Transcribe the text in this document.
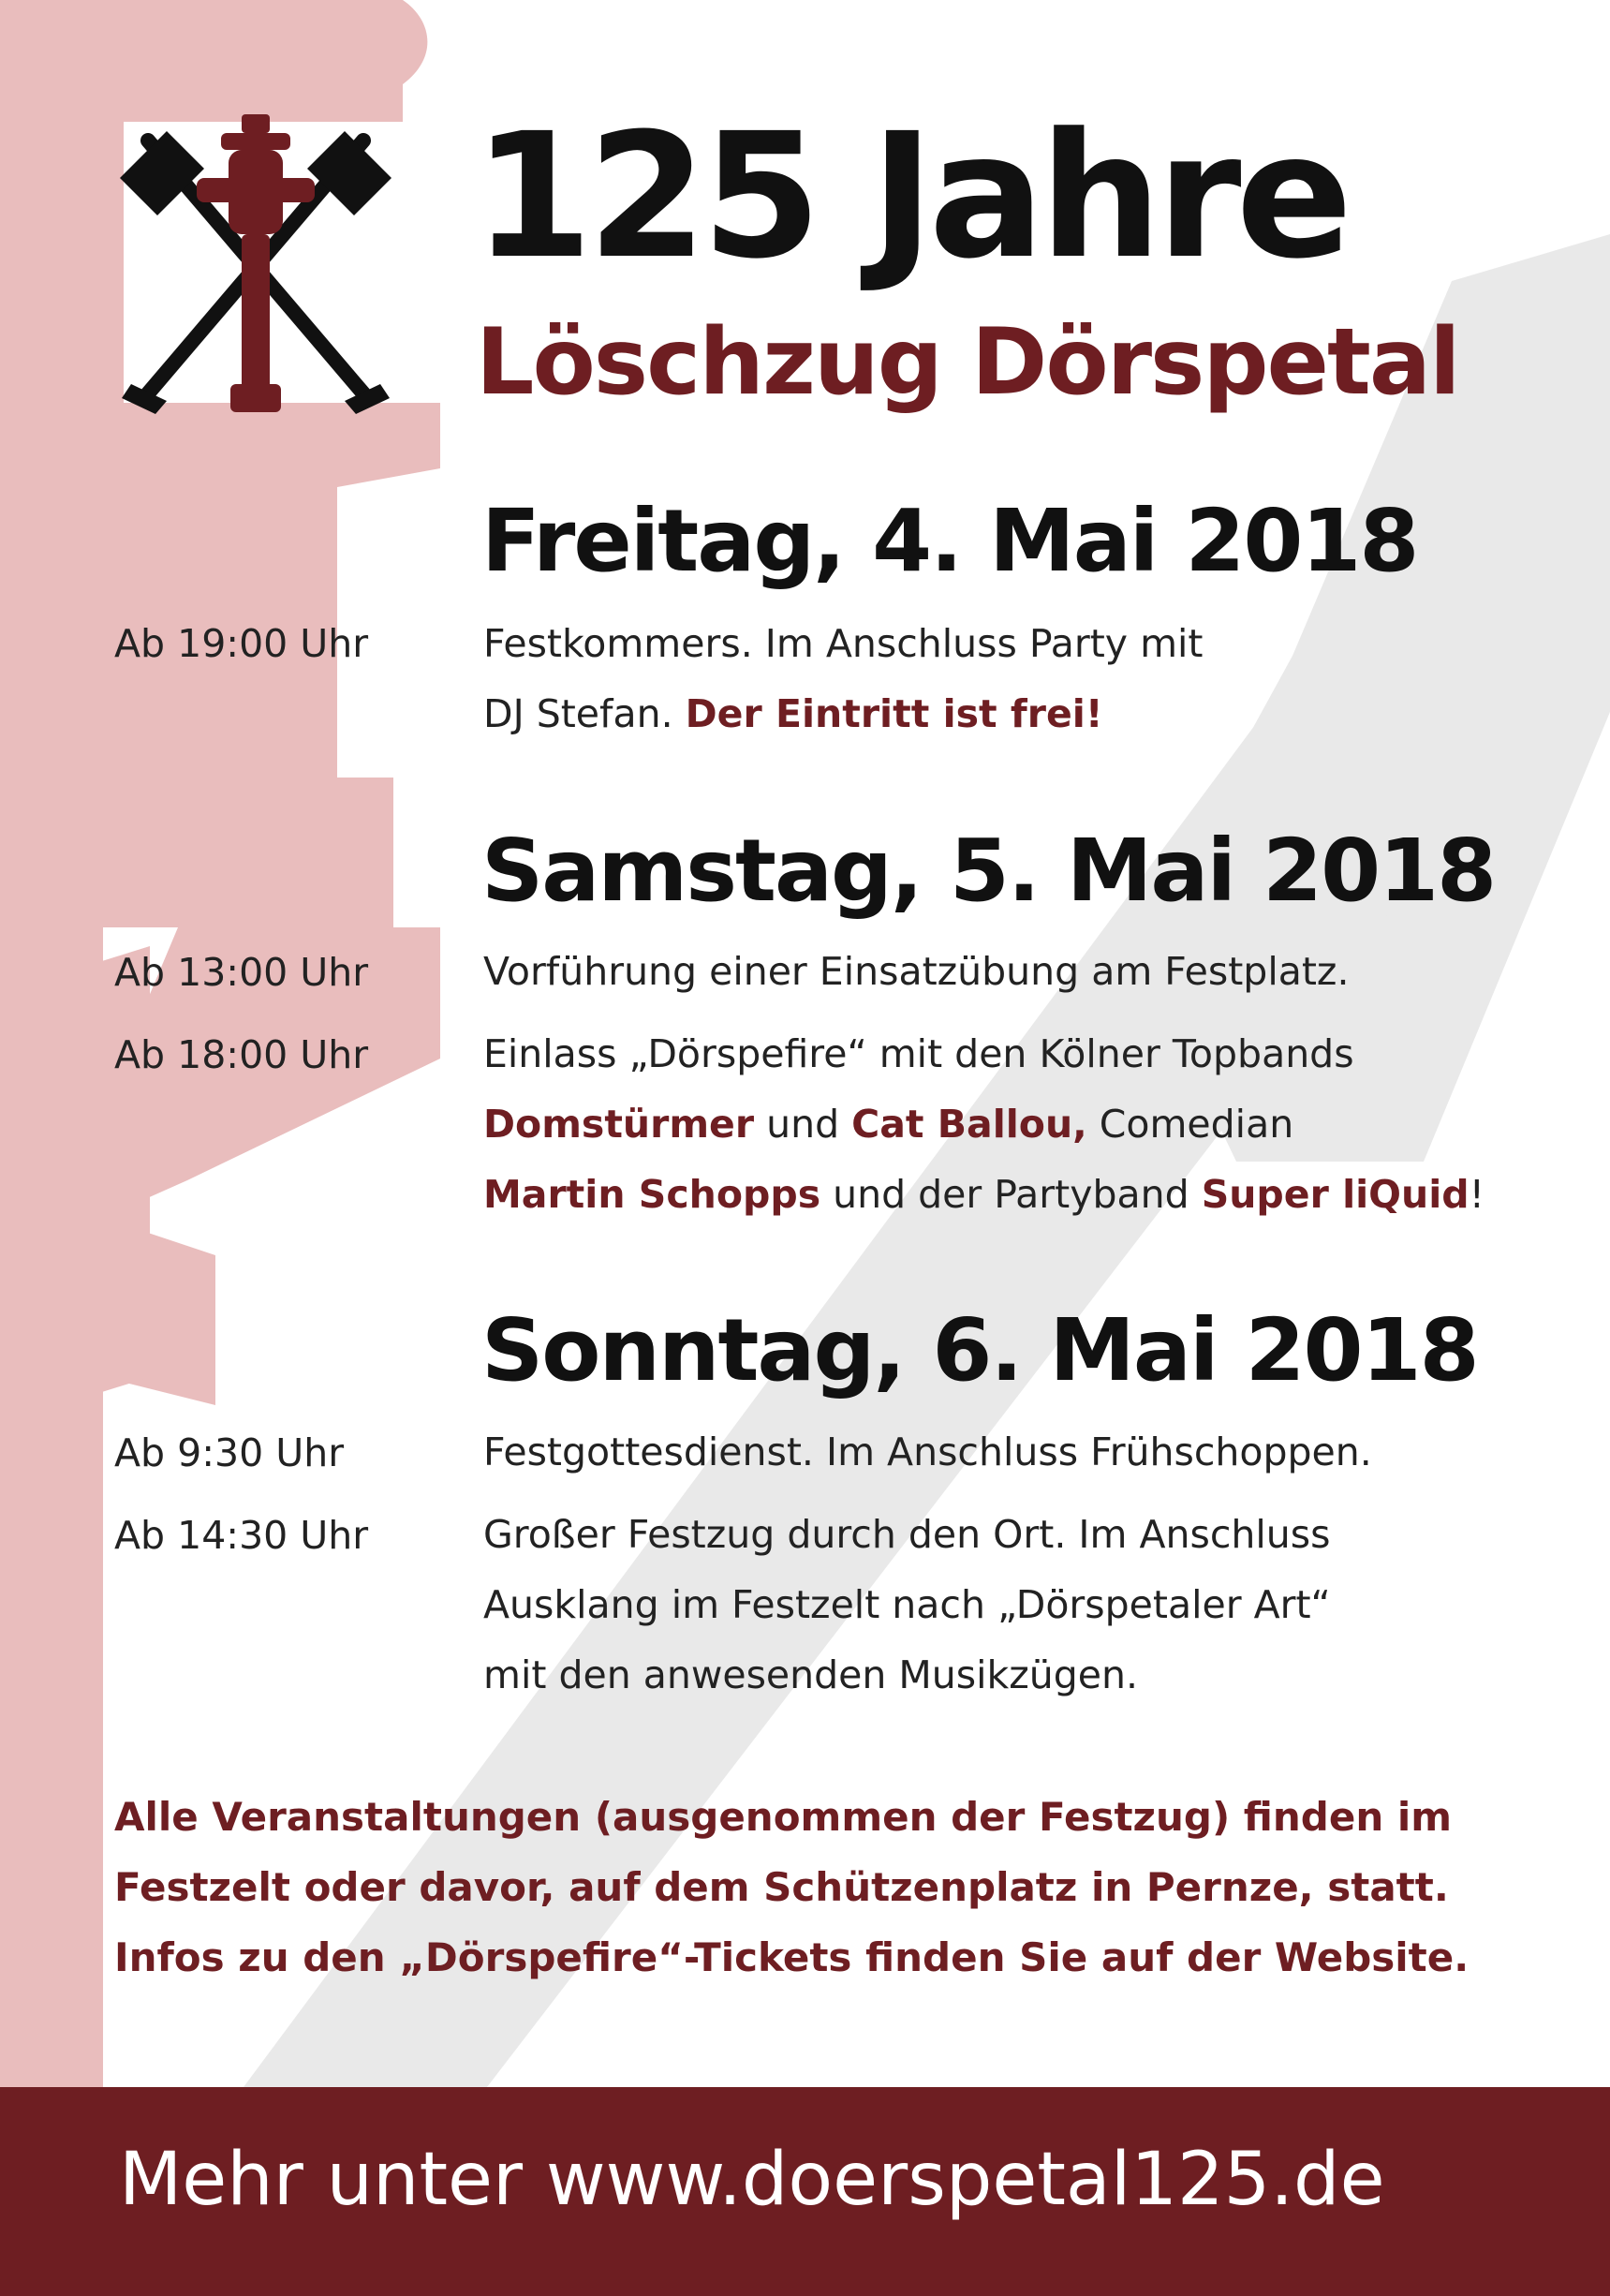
125 Jahre
Löschzug Dörspetal
Freitag, 4. Mai 2018
Ab 19:00 Uhr	Festkommers. Im Anschluss Party mit
DJ Stefan. Der Eintritt ist frei!
Samstag, 5. Mai 2018
Ab 13:00 Uhr	Vorführung einer Einsatzübung am Festplatz.
Ab 18:00 Uhr	Einlass „Dörspefire“ mit den Kölner Topbands
Domstürmer und Cat Ballou, Comedian
Martin Schopps und der Partyband Super liQuid!
Sonntag, 6. Mai 2018
Ab 9:30 Uhr	Festgottesdienst. Im Anschluss Frühschoppen.
Ab 14:30 Uhr	Großer Festzug durch den Ort. Im Anschluss
Ausklang im Festzelt nach „Dörspetaler Art“
mit den anwesenden Musikzügen.
Alle Veranstaltungen (ausgenommen der Festzug) finden im
Festzelt oder davor, auf dem Schützenplatz in Pernze, statt.
Infos zu den „Dörspefire“-Tickets finden Sie auf der Website.
Mehr unter www.doerspetal125.de
